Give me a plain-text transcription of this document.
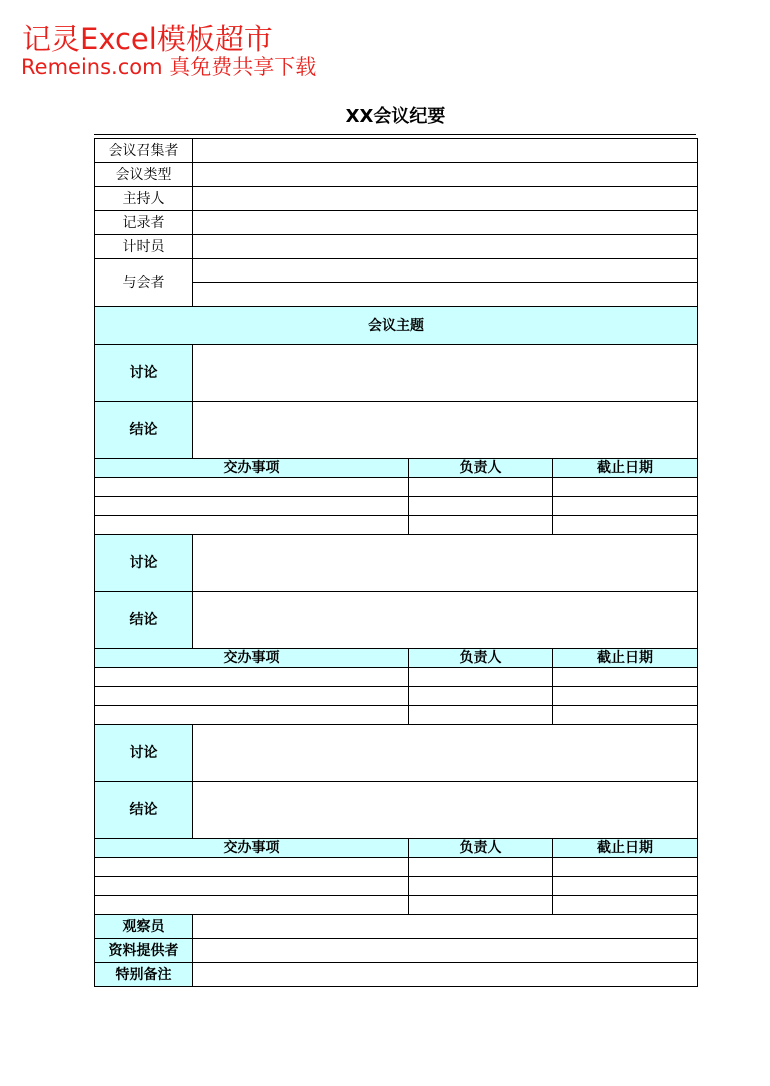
记灵Excel模板超市
Remeins.com 真免费共享下载
XX会议纪要
会议召集者			
会议类型			
主持人			
记录者			
计时员			
与会者			

会议主题			
讨论			
结论			
交办事项		负责人	截止日期

讨论			
结论			
交办事项		负责人	截止日期

讨论			
结论			
交办事项		负责人	截止日期

观察员			
资料提供者			
特别备注			
